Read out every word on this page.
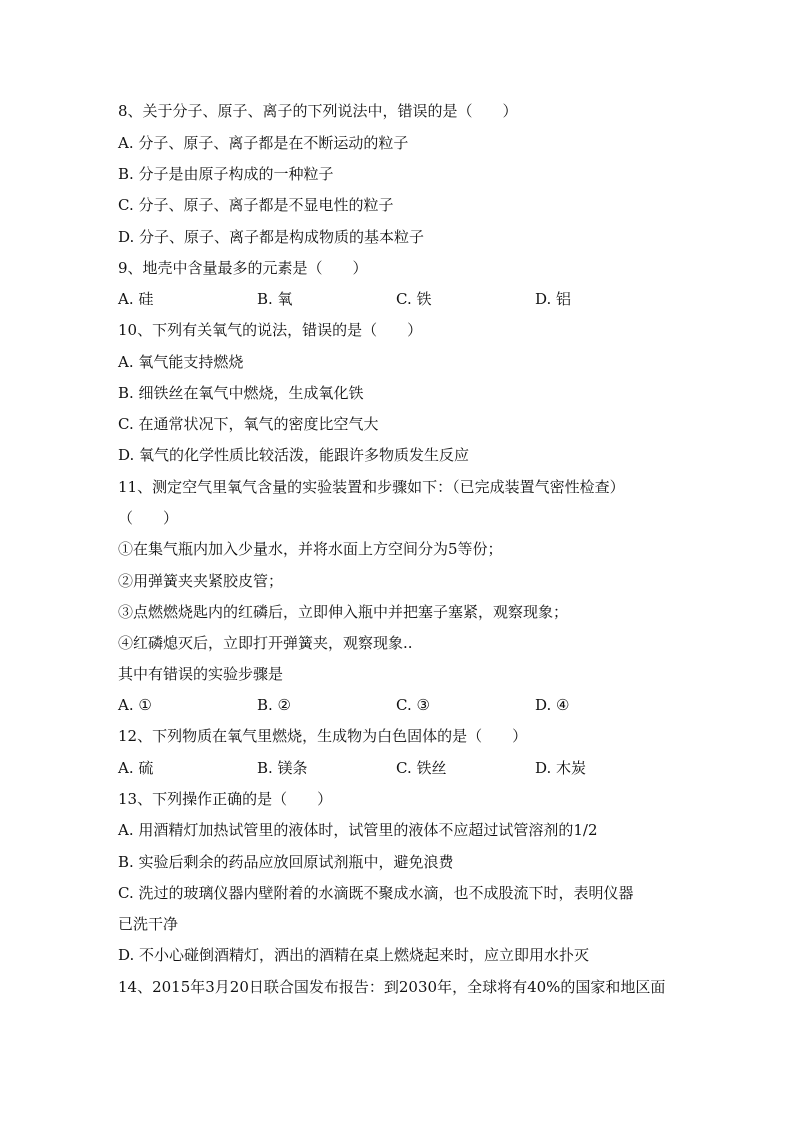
8、关于分子、原子、离子的下列说法中，错误的是（　　）
A. 分子、原子、离子都是在不断运动的粒子
B. 分子是由原子构成的一种粒子
C. 分子、原子、离子都是不显电性的粒子
D. 分子、原子、离子都是构成物质的基本粒子
9、地壳中含量最多的元素是（　　）
A. 硅	B. 氧	C. 铁	D. 铝
10、下列有关氧气的说法，错误的是（　　）
A. 氧气能支持燃烧
B. 细铁丝在氧气中燃烧，生成氧化铁
C. 在通常状况下，氧气的密度比空气大
D. 氧气的化学性质比较活泼，能跟许多物质发生反应
11、测定空气里氧气含量的实验装置和步骤如下：（已完成装置气密性检查）
（　　）
①在集气瓶内加入少量水，并将水面上方空间分为5等份；
②用弹簧夹夹紧胶皮管；
③点燃燃烧匙内的红磷后，立即伸入瓶中并把塞子塞紧，观察现象；
④红磷熄灭后，立即打开弹簧夹，观察现象..
其中有错误的实验步骤是
A. ①	B. ②	C. ③	D. ④
12、下列物质在氧气里燃烧，生成物为白色固体的是（　　）
A. 硫	B. 镁条	C. 铁丝	D. 木炭
13、下列操作正确的是（　　）
A. 用酒精灯加热试管里的液体时，试管里的液体不应超过试管溶剂的1/2
B. 实验后剩余的药品应放回原试剂瓶中，避免浪费
C. 洗过的玻璃仪器内壁附着的水滴既不聚成水滴，也不成股流下时，表明仪器
已洗干净
D. 不小心碰倒酒精灯，洒出的酒精在桌上燃烧起来时，应立即用水扑灭
14、2015年3月20日联合国发布报告：到2030年，全球将有40%的国家和地区面
